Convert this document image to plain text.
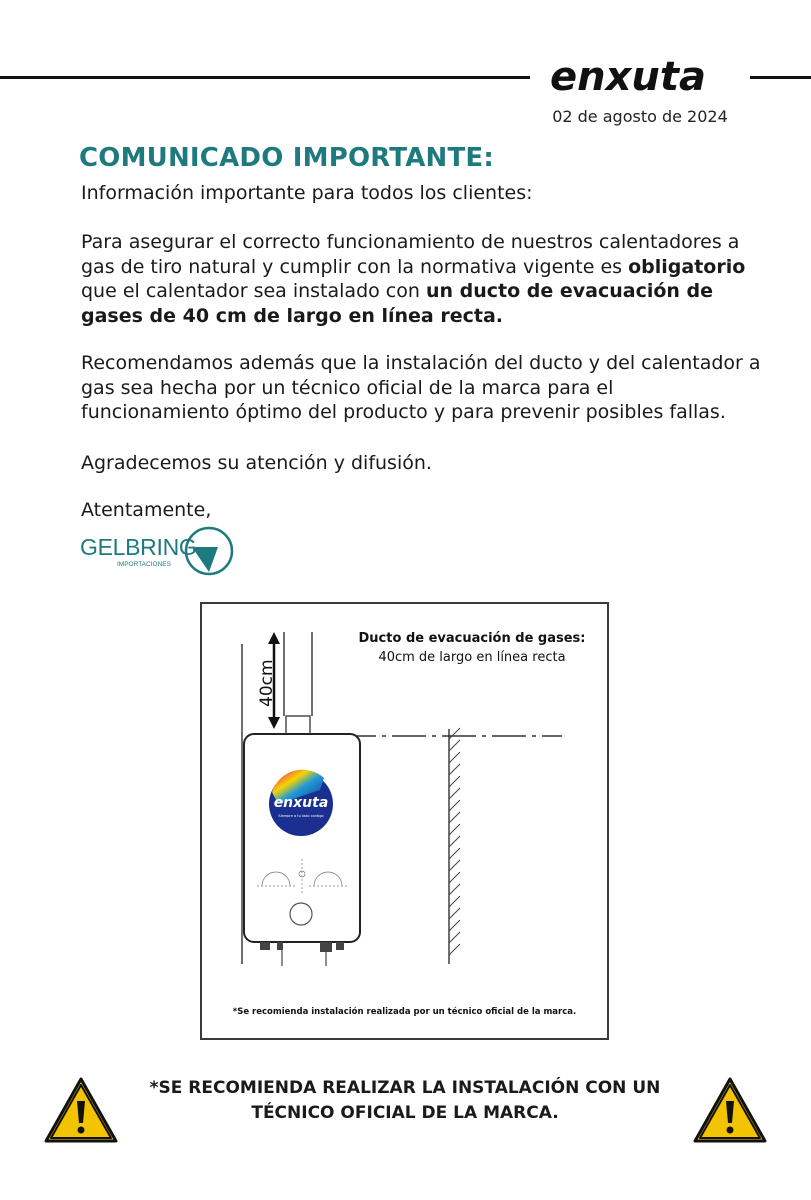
enxuta
02 de agosto de 2024
COMUNICADO IMPORTANTE:
Información importante para todos los clientes:
Para asegurar el correcto funcionamiento de nuestros calentadores a gas de tiro natural y cumplir con la normativa vigente es obligatorio que el calentador sea instalado con un ducto de evacuación de gases de 40 cm de largo en línea recta.
Recomendamos además que la instalación del ducto y del calentador a gas sea hecha por un técnico oficial de la marca para el funcionamiento óptimo del producto y para prevenir posibles fallas.
Agradecemos su atención y difusión.
Atentamente,
GELBRING
IMPORTACIONES
enxuta
Siempre a tu lado contigo
Ducto de evacuación de gases:
40cm de largo en línea recta
40cm
*Se recomienda instalación realizada por un técnico oficial de la marca.
*SE RECOMIENDA REALIZAR LA INSTALACIÓN CON UN TÉCNICO OFICIAL DE LA MARCA.
